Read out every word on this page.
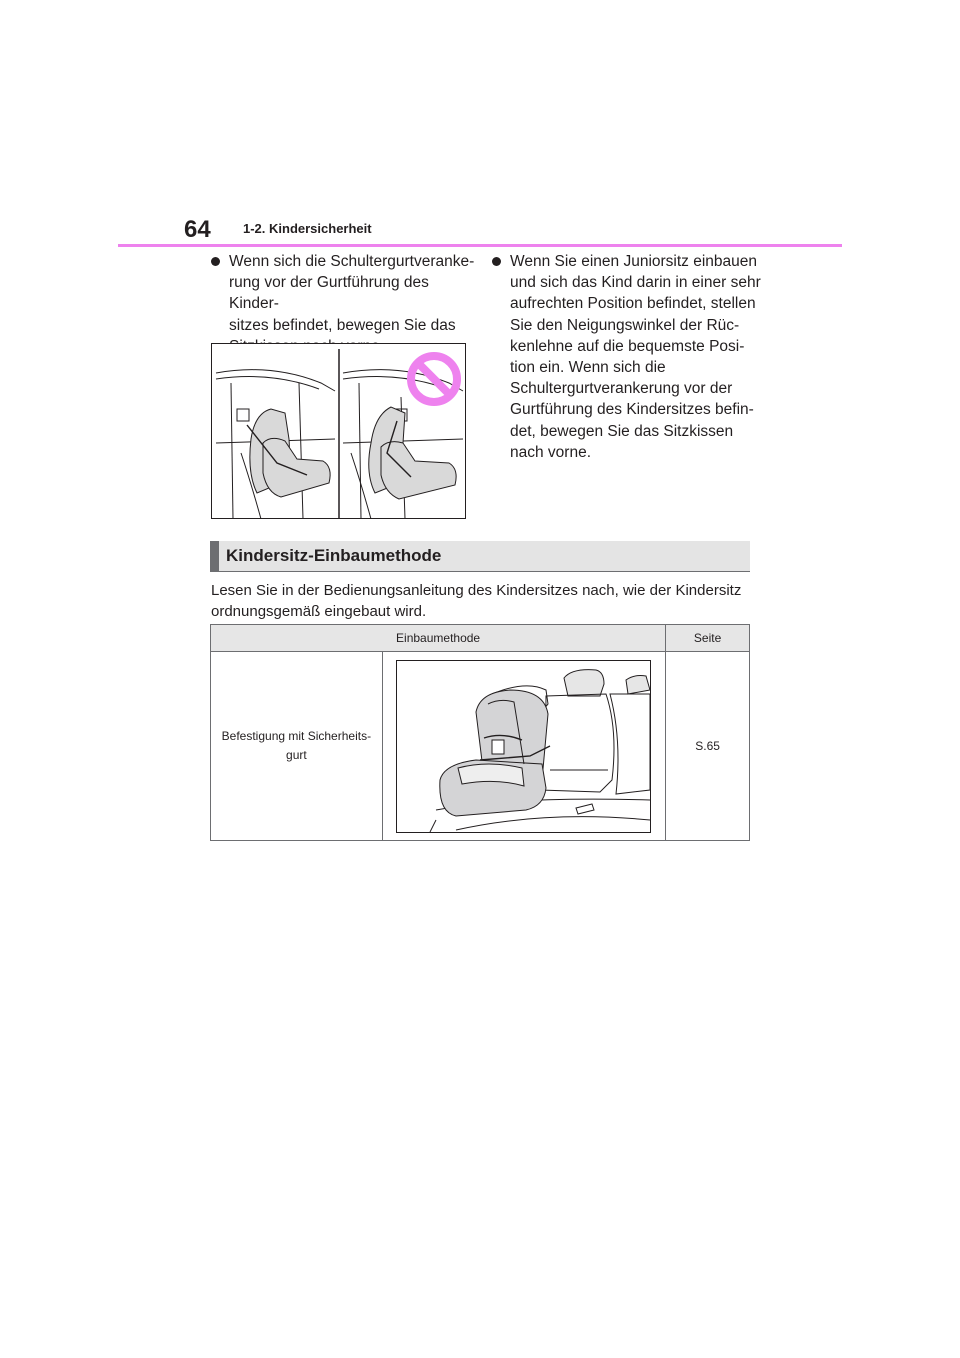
64 1-2. Kindersicherheit
Wenn sich die Schultergurtveranke-
rung vor der Gurtführung des Kinder-
sitzes befindet, bewegen Sie das

Wenn Sie einen Juniorsitz einbauen
und sich das Kind darin in einer sehr
aufrechten Position befindet, stellen
Sie den Neigungswinkel der Rüc-
kenlehne auf die bequemste Posi-
tion ein. Wenn sich die
Schultergurtverankerung vor der
Gurtführung des Kindersitzes befin-
det, bewegen Sie das Sitzkissen
nach vorne.
Kindersitz-Einbaumethode
Lesen Sie in der Bedienungsanleitung des Kindersitzes nach, wie der Kindersitz
ordnungsgemäß eingebaut wird.
Einbaumethode		Seite
Befestigung mit Sicherheits-
gurt		S.65
